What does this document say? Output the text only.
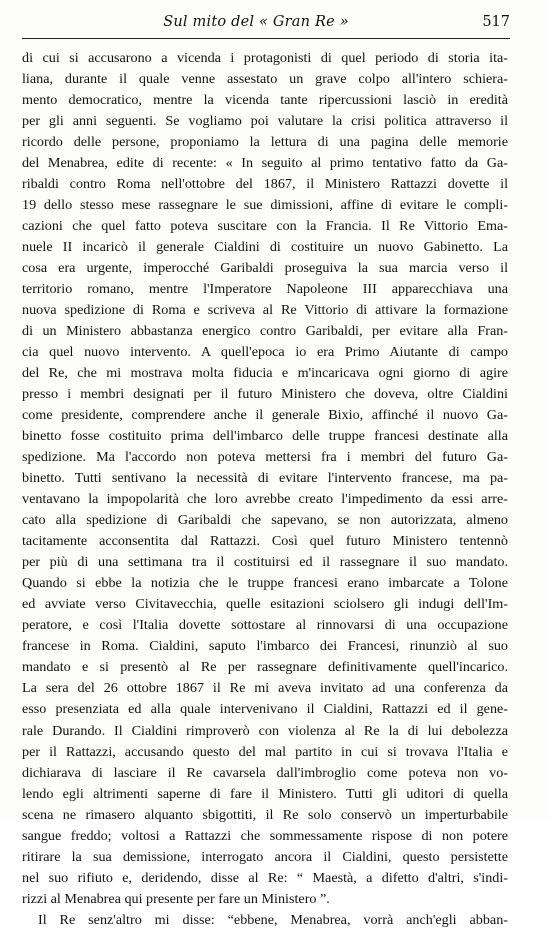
Sul mito del « Gran Re »	517
di cui si accusarono a vicenda i protagonisti di quel periodo di storia ita-
liana, durante il quale venne assestato un grave colpo all'intero schiera-
mento democratico, mentre la vicenda tante ripercussioni lasciò in eredità
per gli anni seguenti. Se vogliamo poi valutare la crisi politica attraverso il
ricordo delle persone, proponiamo la lettura di una pagina delle memorie
del Menabrea, edite di recente: « In seguito al primo tentativo fatto da Ga-
ribaldi contro Roma nell'ottobre del 1867, il Ministero Rattazzi dovette il
19 dello stesso mese rassegnare le sue dimissioni, affine di evitare le compli-
cazioni che quel fatto poteva suscitare con la Francia. Il Re Vittorio Ema-
nuele II incaricò il generale Cialdini di costituire un nuovo Gabinetto. La
cosa era urgente, imperocché Garibaldi proseguiva la sua marcia verso il
territorio romano, mentre l'Imperatore Napoleone III apparecchiava una
nuova spedizione di Roma e scriveva al Re Vittorio di attivare la formazione
di un Ministero abbastanza energico contro Garibaldi, per evitare alla Fran-
cia quel nuovo intervento. A quell'epoca io era Primo Aiutante di campo
del Re, che mi mostrava molta fiducia e m'incaricava ogni giorno di agire
presso i membri designati per il futuro Ministero che doveva, oltre Cialdini
come presidente, comprendere anche il generale Bixio, affinché il nuovo Ga-
binetto fosse costituito prima dell'imbarco delle truppe francesi destinate alla
spedizione. Ma l'accordo non poteva mettersi fra i membri del futuro Ga-
binetto. Tutti sentivano la necessità di evitare l'intervento francese, ma pa-
ventavano la impopolarità che loro avrebbe creato l'impedimento da essi arre-
cato alla spedizione di Garibaldi che sapevano, se non autorizzata, almeno
tacitamente acconsentita dal Rattazzi. Così quel futuro Ministero tentennò
per più di una settimana tra il costituirsi ed il rassegnare il suo mandato.
Quando si ebbe la notizia che le truppe francesi erano imbarcate a Tolone
ed avviate verso Civitavecchia, quelle esitazioni sciolsero gli indugi dell'Im-
peratore, e così l'Italia dovette sottostare al rinnovarsi di una occupazione
francese in Roma. Cialdini, saputo l'imbarco dei Francesi, rinunziò al suo
mandato e si presentò al Re per rassegnare definitivamente quell'incarico.
La sera del 26 ottobre 1867 il Re mi aveva invitato ad una conferenza da
esso presenziata ed alla quale intervenivano il Cialdini, Rattazzi ed il gene-
rale Durando. Il Cialdini rimproverò con violenza al Re la di lui debolezza
per il Rattazzi, accusando questo del mal partito in cui si trovava l'Italia e
dichiarava di lasciare il Re cavarsela dall'imbroglio come poteva non vo-
lendo egli altrimenti saperne di fare il Ministero. Tutti gli uditori di quella
scena ne rimasero alquanto sbigottiti, il Re solo conservò un imperturbabile
sangue freddo; voltosi a Rattazzi che sommessamente rispose di non potere
ritirare la sua demissione, interrogato ancora il Cialdini, questo persistette
nel suo rifiuto e, deridendo, disse al Re: “ Maestà, a difetto d'altri, s'indi-
rizzi al Menabrea qui presente per fare un Ministero ”.
Il Re senz'altro mi disse: “ebbene, Menabrea, vorrà anch'egli abban-
